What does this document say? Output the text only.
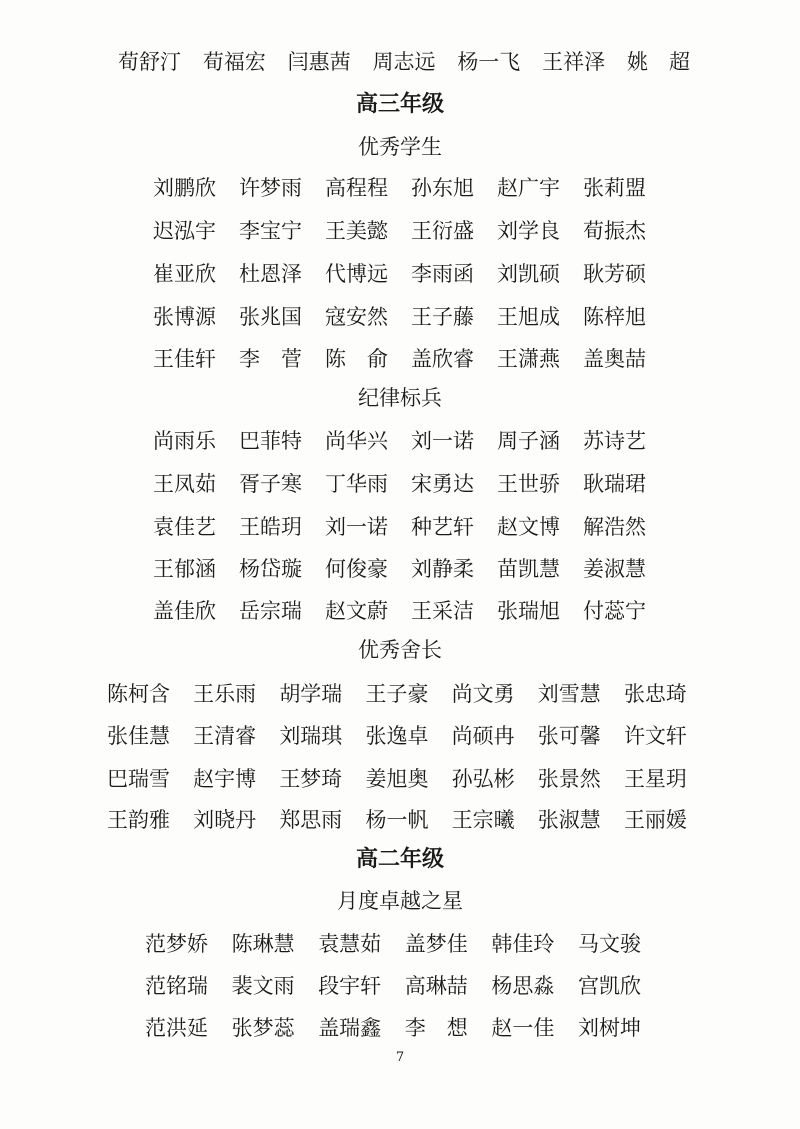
荀舒汀 荀福宏 闫惠茜 周志远 杨一飞 王祥泽 姚　超
高三年级
优秀学生
刘鹏欣 许梦雨 高程程 孙东旭 赵广宇 张莉盟
迟泓宇 李宝宁 王美懿 王衍盛 刘学良 荀振杰
崔亚欣 杜恩泽 代博远 李雨函 刘凯硕 耿芳硕
张博源 张兆国 寇安然 王子藤 王旭成 陈梓旭
王佳轩 李　菅 陈　俞 盖欣睿 王潇燕 盖奥喆
纪律标兵
尚雨乐 巴菲特 尚华兴 刘一诺 周子涵 苏诗艺
王凤茹 胥子寒 丁华雨 宋勇达 王世骄 耿瑞珺
袁佳艺 王皓玥 刘一诺 种艺轩 赵文博 解浩然
王郁涵 杨岱璇 何俊豪 刘静柔 苗凯慧 姜淑慧
盖佳欣 岳宗瑞 赵文蔚 王采洁 张瑞旭 付蕊宁
优秀舍长
陈柯含 王乐雨 胡学瑞 王子豪 尚文勇 刘雪慧 张忠琦
张佳慧 王清睿 刘瑞琪 张逸卓 尚硕冉 张可馨 许文轩
巴瑞雪 赵宇博 王梦琦 姜旭奥 孙弘彬 张景然 王星玥
王韵雅 刘晓丹 郑思雨 杨一帆 王宗曦 张淑慧 王丽媛
高二年级
月度卓越之星
范梦娇 陈琳慧 袁慧茹 盖梦佳 韩佳玲 马文骏
范铭瑞 裴文雨 段宇轩 高琳喆 杨思淼 宫凯欣
范洪延 张梦蕊 盖瑞鑫 李　想 赵一佳 刘树坤
7
